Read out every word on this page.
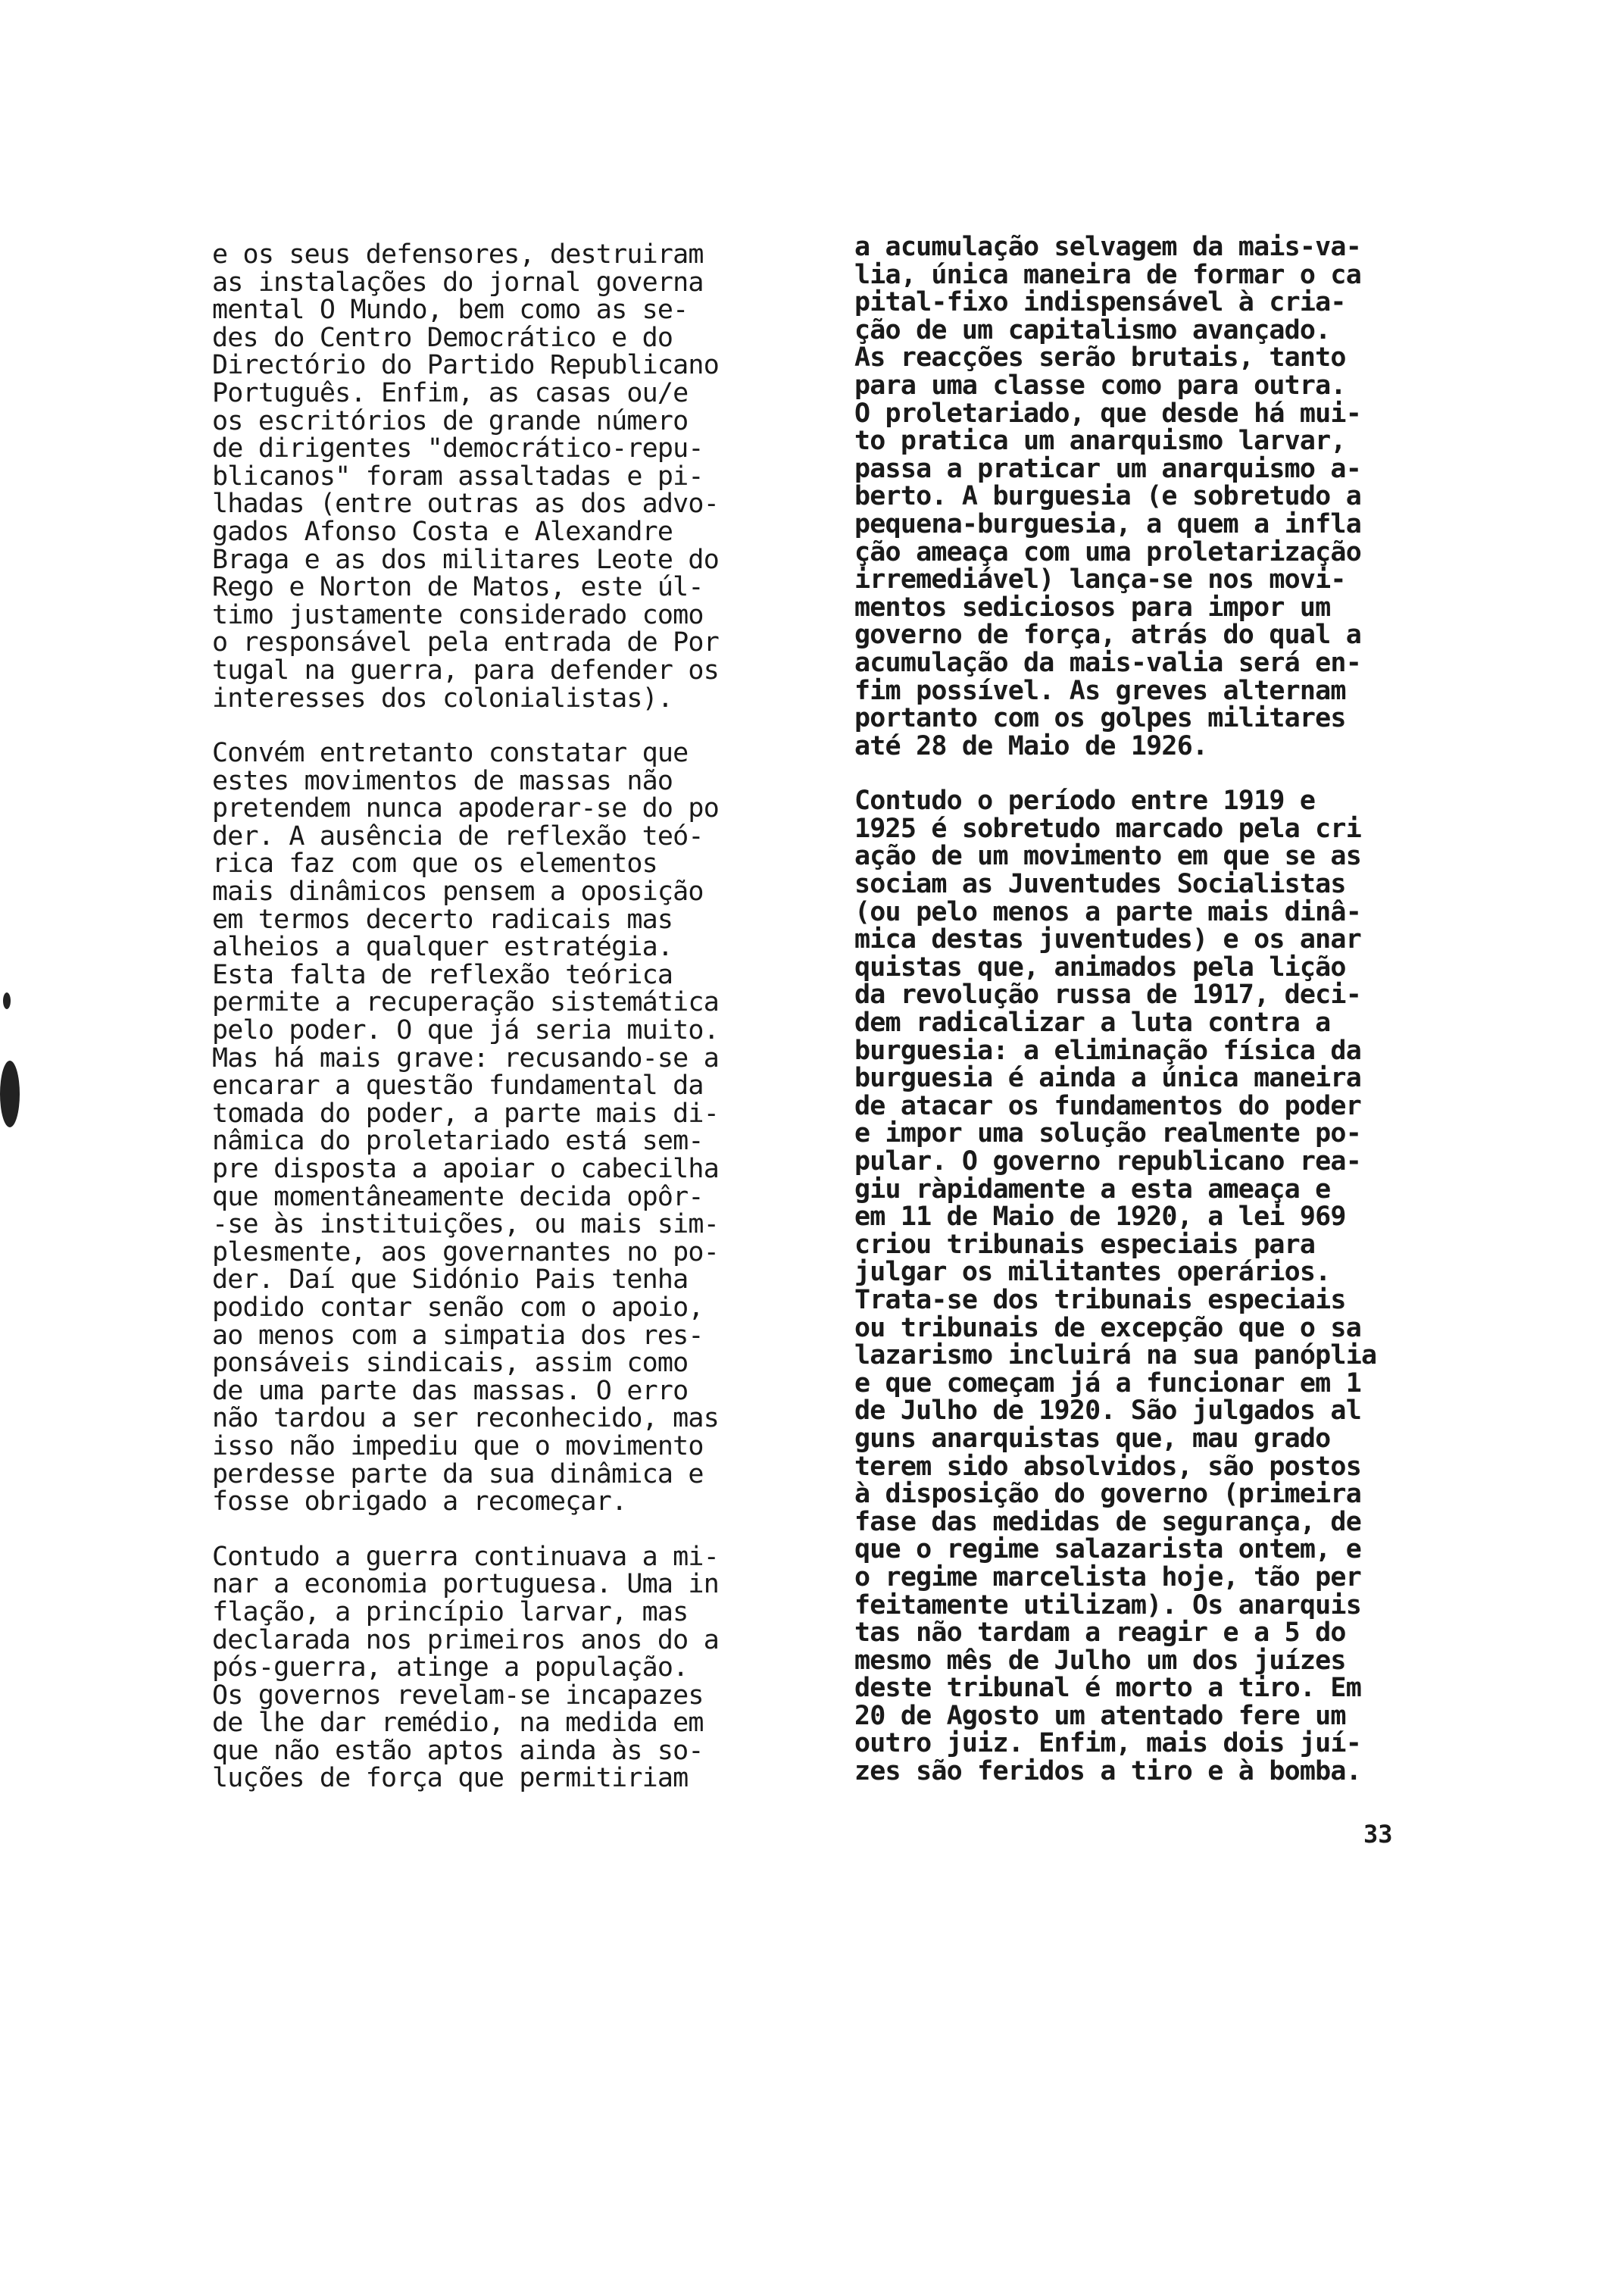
e os seus defensores, destruiram
as instalações do jornal governa
mental O Mundo, bem como as se-
des do Centro Democrático e do
Directório do Partido Republicano
Português. Enfim, as casas ou/e
os escritórios de grande número
de dirigentes "democrático-repu-
blicanos" foram assaltadas e pi-
lhadas (entre outras as dos advo-
gados Afonso Costa e Alexandre
Braga e as dos militares Leote do
Rego e Norton de Matos, este úl-
timo justamente considerado como
o responsável pela entrada de Por
tugal na guerra, para defender os
interesses dos colonialistas).
Convém entretanto constatar que
estes movimentos de massas não
pretendem nunca apoderar-se do po
der. A ausência de reflexão teó-
rica faz com que os elementos
mais dinâmicos pensem a oposição
em termos decerto radicais mas
alheios a qualquer estratégia.
Esta falta de reflexão teórica
permite a recuperação sistemática
pelo poder. O que já seria muito.
Mas há mais grave: recusando-se a
encarar a questão fundamental da
tomada do poder, a parte mais di-
nâmica do proletariado está sem-
pre disposta a apoiar o cabecilha
que momentâneamente decida opôr-
-se às instituições, ou mais sim-
plesmente, aos governantes no po-
der. Daí que Sidónio Pais tenha
podido contar senão com o apoio,
ao menos com a simpatia dos res-
ponsáveis sindicais, assim como
de uma parte das massas. O erro
não tardou a ser reconhecido, mas
isso não impediu que o movimento
perdesse parte da sua dinâmica e
fosse obrigado a recomeçar.
Contudo a guerra continuava a mi-
nar a economia portuguesa. Uma in
flação, a princípio larvar, mas
declarada nos primeiros anos do a
pós-guerra, atinge a população.
Os governos revelam-se incapazes
de lhe dar remédio, na medida em
que não estão aptos ainda às so-
luções de força que permitiriam
a acumulação selvagem da mais-va-
lia, única maneira de formar o ca
pital-fixo indispensável à cria-
ção de um capitalismo avançado.
As reacções serão brutais, tanto
para uma classe como para outra.
O proletariado, que desde há mui-
to pratica um anarquismo larvar,
passa a praticar um anarquismo a-
berto. A burguesia (e sobretudo a
pequena-burguesia, a quem a infla
ção ameaça com uma proletarização
irremediável) lança-se nos movi-
mentos sediciosos para impor um
governo de força, atrás do qual a
acumulação da mais-valia será en-
fim possível. As greves alternam
portanto com os golpes militares
até 28 de Maio de 1926.
Contudo o período entre 1919 e
1925 é sobretudo marcado pela cri
ação de um movimento em que se as
sociam as Juventudes Socialistas
(ou pelo menos a parte mais dinâ-
mica destas juventudes) e os anar
quistas que, animados pela lição
da revolução russa de 1917, deci-
dem radicalizar a luta contra a
burguesia: a eliminação física da
burguesia é ainda a única maneira
de atacar os fundamentos do poder
e impor uma solução realmente po-
pular. O governo republicano rea-
giu ràpidamente a esta ameaça e
em 11 de Maio de 1920, a lei 969
criou tribunais especiais para
julgar os militantes operários.
Trata-se dos tribunais especiais
ou tribunais de excepção que o sa
lazarismo incluirá na sua panóplia
e que começam já a funcionar em 1
de Julho de 1920. São julgados al
guns anarquistas que, mau grado
terem sido absolvidos, são postos
à disposição do governo (primeira
fase das medidas de segurança, de
que o regime salazarista ontem, e
o regime marcelista hoje, tão per
feitamente utilizam). Os anarquis
tas não tardam a reagir e a 5 do
mesmo mês de Julho um dos juízes
deste tribunal é morto a tiro. Em
20 de Agosto um atentado fere um
outro juiz. Enfim, mais dois juí-
zes são feridos a tiro e à bomba.
33
